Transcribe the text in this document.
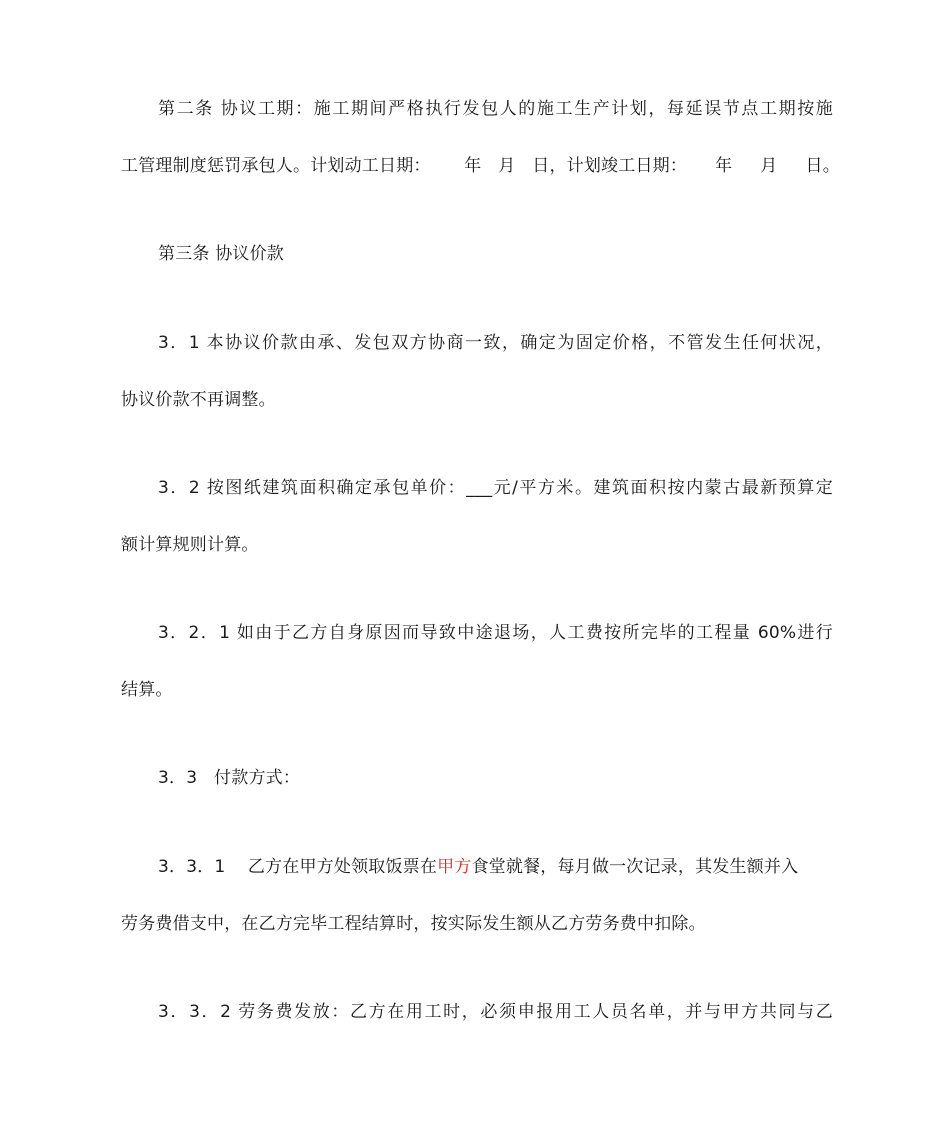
第二条 协议工期：施工期间严格执行发包人的施工生产计划，每延误节点工期按施
工管理制度惩罚承包人。计划动工日期：      年   月   日，计划竣工日期：     年     月     日。
第三条 协议价款
3．1 本协议价款由承、发包双方协商一致，确定为固定价格，不管发生任何状况，
协议价款不再调整。
3．2 按图纸建筑面积确定承包单价：___元/平方米。建筑面积按内蒙古最新预算定
额计算规则计算。
3．2．1 如由于乙方自身原因而导致中途退场，人工费按所完毕的工程量 60%进行
结算。
3．3   付款方式：
3．3．1    乙方在甲方处领取饭票在甲方食堂就餐，每月做一次记录，其发生额并入
劳务费借支中，在乙方完毕工程结算时，按实际发生额从乙方劳务费中扣除。
3．3．2 劳务费发放：乙方在用工时，必须申报用工人员名单，并与甲方共同与乙
